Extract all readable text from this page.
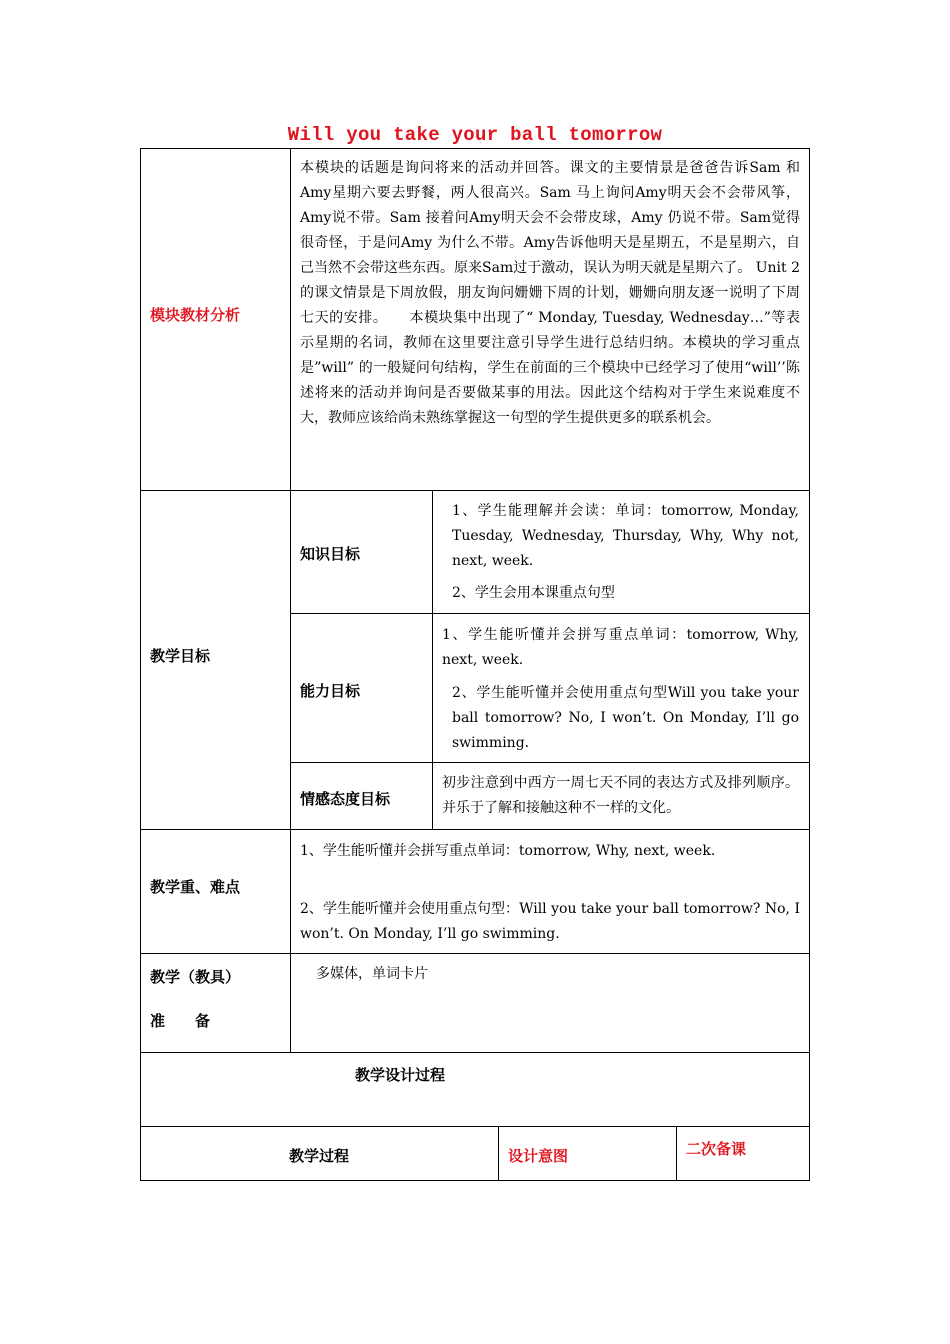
Will you take your ball tomorrow
模块教材分析
本模块的话题是询问将来的活动并回答。课文的主要情景是爸爸告诉Sam 和Amy星期六要去野餐，两人很高兴。Sam 马上询问Amy明天会不会带风筝，Amy说不带。Sam 接着问Amy明天会不会带皮球，Amy 仍说不带。Sam觉得很奇怪，于是问Amy 为什么不带。Amy告诉他明天是星期五，不是星期六，自己当然不会带这些东西。原来Sam过于激动，误认为明天就是星期六了。 Unit 2 的课文情景是下周放假，朋友询问姗姗下周的计划，姗姗向朋友逐一说明了下周七天的安排。　　本模块集中出现了“ Monday, Tuesday, Wednesday…”等表示星期的名词，教师在这里要注意引导学生进行总结归纳。本模块的学习重点是”will” 的一般疑问句结构，学生在前面的三个模块中已经学习了使用“will’’陈述将来的活动并询问是否要做某事的用法。因此这个结构对于学生来说难度不大，教师应该给尚未熟练掌握这一句型的学生提供更多的联系机会。
教学目标
知识目标
1、学生能理解并会读：单词：tomorrow, Monday, Tuesday, Wednesday, Thursday, Why, Why not, next, week.
2、学生会用本课重点句型
能力目标
1、学生能听懂并会拼写重点单词：tomorrow, Why, next, week.
2、学生能听懂并会使用重点句型Will you take your ball tomorrow? No, I won’t. On Monday, I’ll go swimming.
情感态度目标
初步注意到中西方一周七天不同的表达方式及排列顺序。并乐于了解和接触这种不一样的文化。
教学重、难点
1、学生能听懂并会拼写重点单词：tomorrow, Why, next, week.
2、学生能听懂并会使用重点句型：Will you take your ball tomorrow? No, I won’t. On Monday, I’ll go swimming.
教学（教具）
准　　备
多媒体，单词卡片
教学设计过程
教学过程	设计意图	二次备课
